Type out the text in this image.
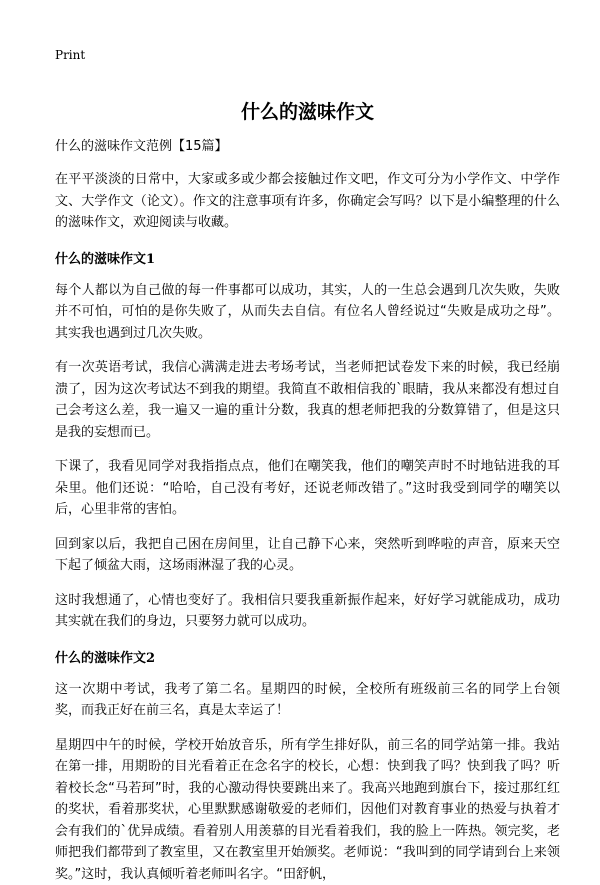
Print
什么的滋味作文

什么的滋味作文范例【15篇】

在平平淡淡的日常中，大家或多或少都会接触过作文吧，作文可分为小学作文、中学作文、大学作文（论文）。作文的注意事项有许多，你确定会写吗？以下是小编整理的什么的滋味作文，欢迎阅读与收藏。

什么的滋味作文1

每个人都以为自己做的每一件事都可以成功，其实，人的一生总会遇到几次失败，失败并不可怕，可怕的是你失败了，从而失去自信。有位名人曾经说过“失败是成功之母”。其实我也遇到过几次失败。

有一次英语考试，我信心满满走进去考场考试，当老师把试卷发下来的时候，我已经崩溃了，因为这次考试达不到我的期望。我简直不敢相信我的`眼睛，我从来都没有想过自己会考这么差，我一遍又一遍的重计分数，我真的想老师把我的分数算错了，但是这只是我的妄想而已。

下课了，我看见同学对我指指点点，他们在嘲笑我，他们的嘲笑声时不时地钻进我的耳朵里。他们还说：“哈哈，自己没有考好，还说老师改错了。”这时我受到同学的嘲笑以后，心里非常的害怕。

回到家以后，我把自己困在房间里，让自己静下心来，突然听到哗啦的声音，原来天空下起了倾盆大雨，这场雨淋湿了我的心灵。

这时我想通了，心情也变好了。我相信只要我重新振作起来，好好学习就能成功，成功其实就在我们的身边，只要努力就可以成功。

什么的滋味作文2

这一次期中考试，我考了第二名。星期四的时候，全校所有班级前三名的同学上台领奖，而我正好在前三名，真是太幸运了！

星期四中午的时候，学校开始放音乐，所有学生排好队，前三名的同学站第一排。我站在第一排，用期盼的目光看着正在念名字的校长，心想：快到我了吗？快到我了吗？听着校长念“马若珂”时，我的心激动得快要跳出来了。我高兴地跑到旗台下，接过那红红的奖状，看着那奖状，心里默默感谢敬爱的老师们，因他们对教育事业的热爱与执着才会有我们的`优异成绩。看着别人用羡慕的目光看着我们，我的脸上一阵热。领完奖，老师把我们都带到了教室里，又在教室里开始颁奖。老师说：“我叫到的同学请到台上来领奖。”这时，我认真倾听着老师叫名字。“田舒帆，
